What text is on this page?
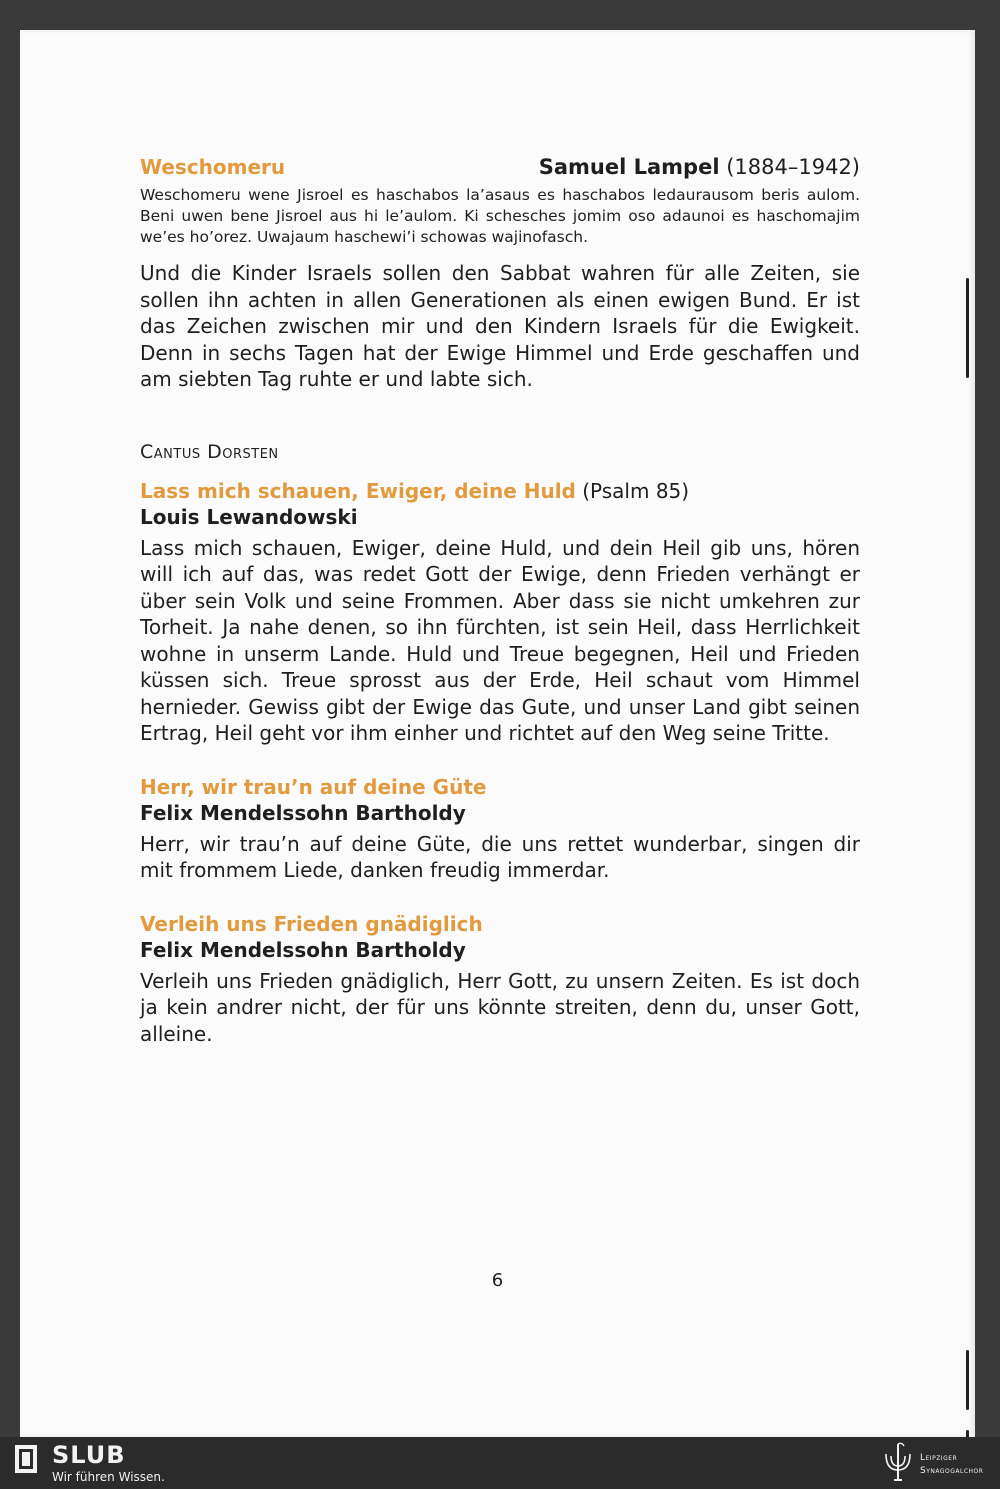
Weschomeru	Samuel Lampel (1884–1942)
Weschomeru wene Jisroel es haschabos la’asaus es haschabos ledaurausom beris aulom. Beni uwen bene Jisroel aus hi le’aulom. Ki schesches jomim oso adaunoi es haschomajim we’es ho’orez. Uwajaum haschewi’i schowas wajinofasch.
Und die Kinder Israels sollen den Sabbat wahren für alle Zeiten, sie sollen ihn achten in allen Generationen als einen ewigen Bund. Er ist das Zeichen zwischen mir und den Kindern Israels für die Ewigkeit. Denn in sechs Tagen hat der Ewige Himmel und Erde geschaffen und am siebten Tag ruhte er und labte sich.
Cantus Dorsten
Lass mich schauen, Ewiger, deine Huld (Psalm 85)
Louis Lewandowski
Lass mich schauen, Ewiger, deine Huld, und dein Heil gib uns, hören will ich auf das, was redet Gott der Ewige, denn Frieden verhängt er über sein Volk und seine Frommen. Aber dass sie nicht umkehren zur Torheit. Ja nahe denen, so ihn fürchten, ist sein Heil, dass Herrlichkeit wohne in unserm Lande. Huld und Treue begegnen, Heil und Frieden küssen sich. Treue sprosst aus der Erde, Heil schaut vom Himmel hernieder. Gewiss gibt der Ewige das Gute, und unser Land gibt seinen Ertrag, Heil geht vor ihm einher und richtet auf den Weg seine Tritte.
Herr, wir trau’n auf deine Güte
Felix Mendelssohn Bartholdy
Herr, wir trau’n auf deine Güte, die uns rettet wunderbar, singen dir mit frommem Liede, danken freudig immerdar.
Verleih uns Frieden gnädiglich
Felix Mendelssohn Bartholdy
Verleih uns Frieden gnädiglich, Herr Gott, zu unsern Zeiten. Es ist doch ja kein andrer nicht, der für uns könnte streiten, denn du, unser Gott, alleine.
6
SLUB
Wir führen Wissen.
Leipziger
Synagogalchor
